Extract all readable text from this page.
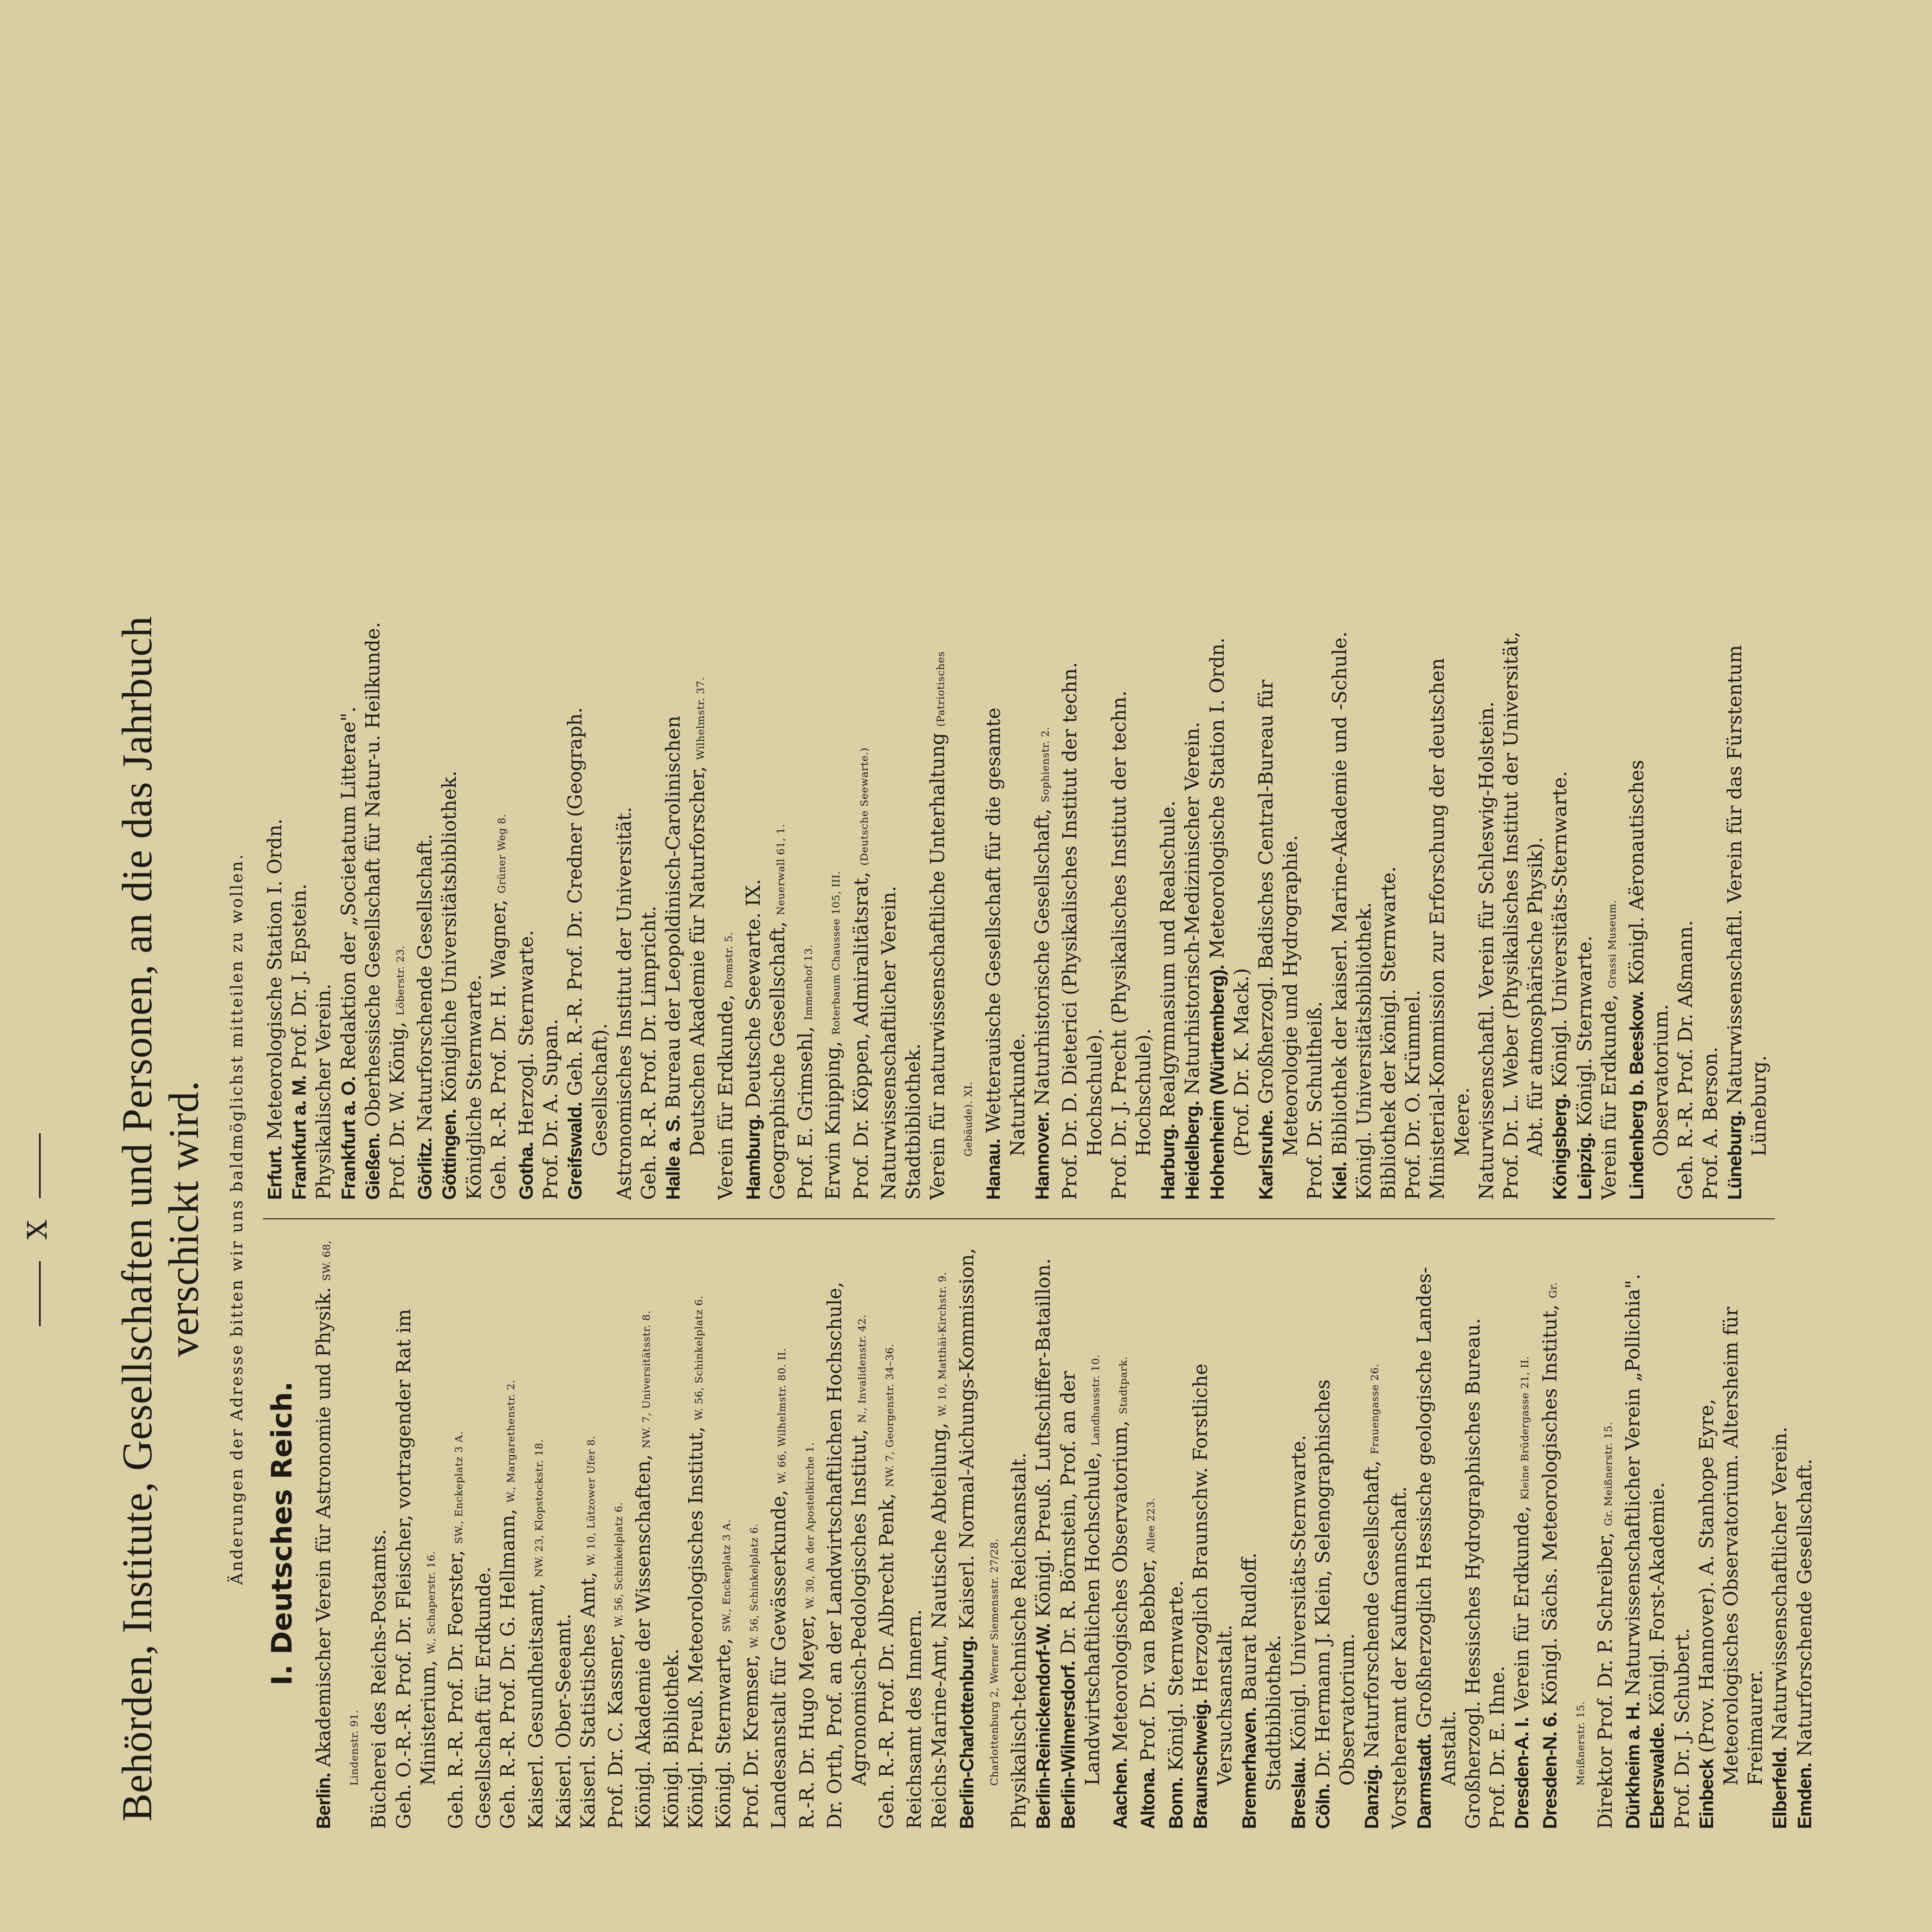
X Behörden, Institute, Gesellschaften und Personen, an die das Jahrbuch verschickt wird. Änderungen der Adresse bitten wir uns baldmöglichst mitteilen zu wollen. I. Deutsches Reich.

Berlin. Akademischer Verein für Astronomie und Physik. SW. 68, Lindenstr. 91. Bücherei des Reichs-Postamts. Geh. O.-R.-R. Prof. Dr. Fleischer, vortragender Rat im Ministerium, W., Schaperstr. 16. Geh. R.-R. Prof. Dr. Foerster, SW., Enckeplatz 3 A.

Gesellschaft für Erdkunde. Geh. R.-R. Prof. Dr. G. Hellmann, W., Margarethenstr. 2.

Kaiserl. Gesundheitsamt, NW. 23, Klopstockstr. 18.

Kaiserl. Ober-Seeamt. Kaiserl. Statistisches Amt, W. 10, Lützower Ufer 8.

Prof. Dr. C. Kassner, W. 56, Schinkelplatz 6. Königl. Akademie der Wissenschaften, NW. 7, Universitätsstr. 8.

Königl. Bibliothek. Königl. Preuß. Meteorologisches Institut, W. 56, Schinkelplatz 6.

Königl. Sternwarte, SW., Enckeplatz 3 A.

Prof. Dr. Kremser, W. 56, Schinkelplatz 6. Landesanstalt für Gewässerkunde, W. 66, Wilhelmstr. 80. II.

R.-R. Dr. Hugo Meyer, W. 30, An der Apostelkirche 1. Dr. Orth, Prof. an der Landwirtschaftlichen Hochschule, Agronomisch-Pedologisches Institut, N., Invalidenstr. 42.

Geh. R.-R. Prof. Dr. Albrecht Penk, NW. 7, Georgenstr. 34–36.

Reichsamt des Innern. Reichs-Marine-Amt, Nautische Abteilung, W. 10, Matthäi-Kirchstr. 9.

Berlin-Charlottenburg. Kaiserl. Normal-Aichungs-Kommission, Charlottenburg 2, Werner Siemensstr. 27/28. Physikalisch-technische Reichsanstalt. Berlin-Reinickendorf-W. Königl. Preuß. Luftschiffer-Bataillon.

Berlin-Wilmersdorf. Dr. R. Börnstein, Prof. an der Landwirtschaftlichen Hochschule, Landhausstr. 10.

Aachen. Meteorologisches Observatorium, Stadtpark.

Altona. Prof. Dr. van Bebber, Allee 223.

Bonn. Königl. Sternwarte. Braunschweig. Herzoglich Braunschw. Forstliche Versuchsanstalt. Bremerhaven. Baurat Rudloff.

Stadtbibliothek.

Breslau. Königl. Universitäts-Sternwarte.

Cöln. Dr. Hermann J. Klein, Selenographisches Observatorium.

Danzig. Naturforschende Gesellschaft, Frauengasse 26.

Vorsteheramt der Kaufmannschaft. Darmstadt. Großherzoglich Hessische geologische Landes-Anstalt. Großherzogl. Hessisches Hydrographisches Bureau. Prof. Dr. E. Ihne. Dresden-A. I. Verein für Erdkunde, Kleine Brüdergasse 21, II.

Dresden-N. 6. Königl. Sächs. Meteorologisches Institut, Gr. Meißnerstr. 15. Direktor Prof. Dr. P. Schreiber, Gr. Meißnerstr. 15.

Dürkheim a. H. Naturwissenschaftlicher Verein „Pollichia".

Eberswalde. Königl. Forst-Akademie.

Prof. Dr. J. Schubert. Einbeck (Prov. Hannover). A. Stanhope Eyre, Meteorologisches Observatorium. Altersheim für Freimaurer.

Elberfeld. Naturwissenschaftlicher Verein.

Emden. Naturforschende Gesellschaft.

Erfurt. Meteorologische Station I. Ordn. Frankfurt a. M. Prof. Dr. J. Epstein.

Physikalischer Verein. Frankfurt a. O. Redaktion der „Societatum Litterae".

Gießen. Oberhessische Gesellschaft für Natur-u. Heilkunde. Prof. Dr. W. König, Löberstr. 23.

Görlitz. Naturforschende Gesellschaft.

Göttingen. Königliche Universitätsbibliothek. Königliche Sternwarte. Geh. R.-R. Prof. Dr. H. Wagner, Grüner Weg 8.

Gotha. Herzogl. Sternwarte. Prof. Dr. A. Supan. Greifswald. Geh. R.-R. Prof. Dr. Credner (Geograph. Gesellschaft). Astronomisches Institut der Universität. Geh. R.-R. Prof. Dr. Limpricht. Halle a. S. Bureau der Leopoldinisch-Carolinischen Deutschen Akademie für Naturforscher, Wilhelmstr. 37.

Verein für Erdkunde, Domstr. 5.

Hamburg. Deutsche Seewarte. IX. Geographische Gesellschaft, Neuerwall 61, 1.

Prof. E. Grimsehl, Immenhof 13.

Erwin Knipping, Roterbaum Chaussee 105, III. Prof. Dr. Köppen, Admiralitätsrat, (Deutsche Seewarte.)

Naturwissenschaftlicher Verein. Stadtbibliothek. Verein für naturwissenschaftliche Unterhaltung (Patriotisches Gebäude). XI.

Hanau. Wetterauische Gesellschaft für die gesamte Naturkunde. Hannover. Naturhistorische Gesellschaft, Sophienstr. 2. Prof. Dr. D. Dieterici (Physikalisches Institut der techn. Hochschule). Prof. Dr. J. Precht (Physikalisches Institut der techn. Hochschule).

Harburg. Realgymnasium und Realschule.

Heidelberg. Naturhistorisch-Medizinischer Verein. Hohenheim (Württemberg). Meteorologische Station I. Ordn. (Prof. Dr. K. Mack.) Karlsruhe. Großherzogl. Badisches Central-Bureau für Meteorologie und Hydrographie. Prof. Dr. Schultheiß. Kiel. Bibliothek der kaiserl. Marine-Akademie und -Schule. Königl. Universitätsbibliothek. Bibliothek der königl. Sternwarte. Prof. Dr. O. Krümmel. Ministerial-Kommission zur Erforschung der deutschen Meere. Naturwissenschaftl. Verein für Schleswig-Holstein. Prof. Dr. L. Weber (Physikalisches Institut der Universität, Abt. für atmosphärische Physik). Königsberg. Königl. Universitäts-Sternwarte.

Leipzig. Königl. Sternwarte. Verein für Erdkunde, Grassi Museum.

Lindenberg b. Beeskow. Königl. Aëronautisches Observatorium. Geh. R.-R. Prof. Dr. Aßmann. Prof. A. Berson. Lüneburg. Naturwissenschaftl. Verein für das Fürstentum Lüneburg.
